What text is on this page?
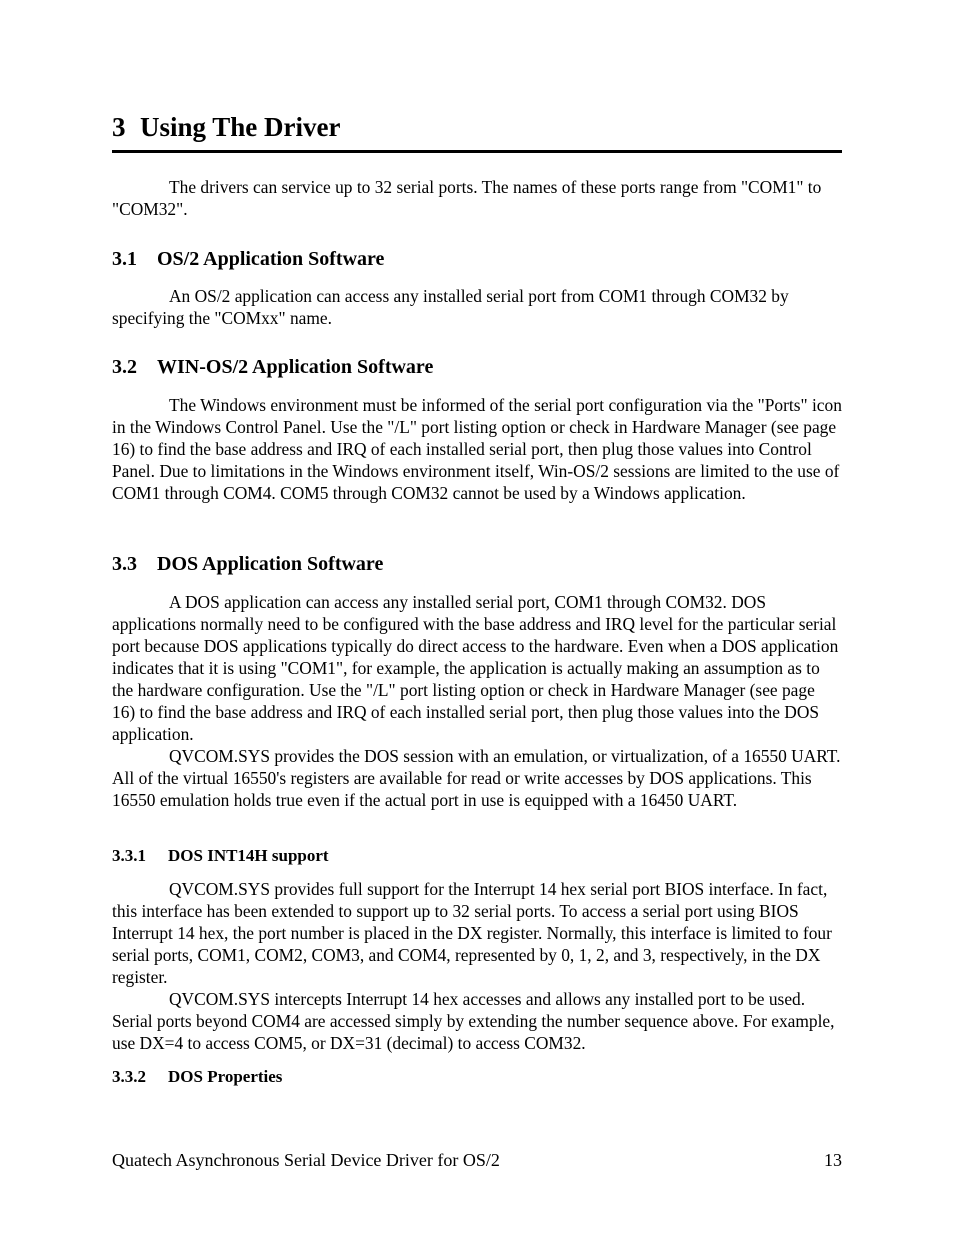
3 Using The Driver

The drivers can service up to 32 serial ports. The names of these ports range from "COM1" to "COM32".

3.1 OS/2 Application Software

An OS/2 application can access any installed serial port from COM1 through COM32 by specifying the "COMxx" name.

3.2 WIN-OS/2 Application Software

The Windows environment must be informed of the serial port configuration via the "Ports" icon in the Windows Control Panel. Use the "/L" port listing option or check in Hardware Manager (see page 16) to find the base address and IRQ of each installed serial port, then plug those values into Control Panel. Due to limitations in the Windows environment itself, Win-OS/2 sessions are limited to the use of COM1 through COM4. COM5 through COM32 cannot be used by a Windows application.

3.3 DOS Application Software

A DOS application can access any installed serial port, COM1 through COM32. DOS applications normally need to be configured with the base address and IRQ level for the particular serial port because DOS applications typically do direct access to the hardware. Even when a DOS application indicates that it is using "COM1", for example, the application is actually making an assumption as to the hardware configuration. Use the "/L" port listing option or check in Hardware Manager (see page 16) to find the base address and IRQ of each installed serial port, then plug those values into the DOS application.

QVCOM.SYS provides the DOS session with an emulation, or virtualization, of a 16550 UART. All of the virtual 16550's registers are available for read or write accesses by DOS applications. This 16550 emulation holds true even if the actual port in use is equipped with a 16450 UART.

3.3.1 DOS INT14H support

QVCOM.SYS provides full support for the Interrupt 14 hex serial port BIOS interface. In fact, this interface has been extended to support up to 32 serial ports. To access a serial port using BIOS Interrupt 14 hex, the port number is placed in the DX register. Normally, this interface is limited to four serial ports, COM1, COM2, COM3, and COM4, represented by 0, 1, 2, and 3, respectively, in the DX register.

QVCOM.SYS intercepts Interrupt 14 hex accesses and allows any installed port to be used. Serial ports beyond COM4 are accessed simply by extending the number sequence above. For example, use DX=4 to access COM5, or DX=31 (decimal) to access COM32.

3.3.2 DOS Properties
Quatech Asynchronous Serial Device Driver for OS/2	13
